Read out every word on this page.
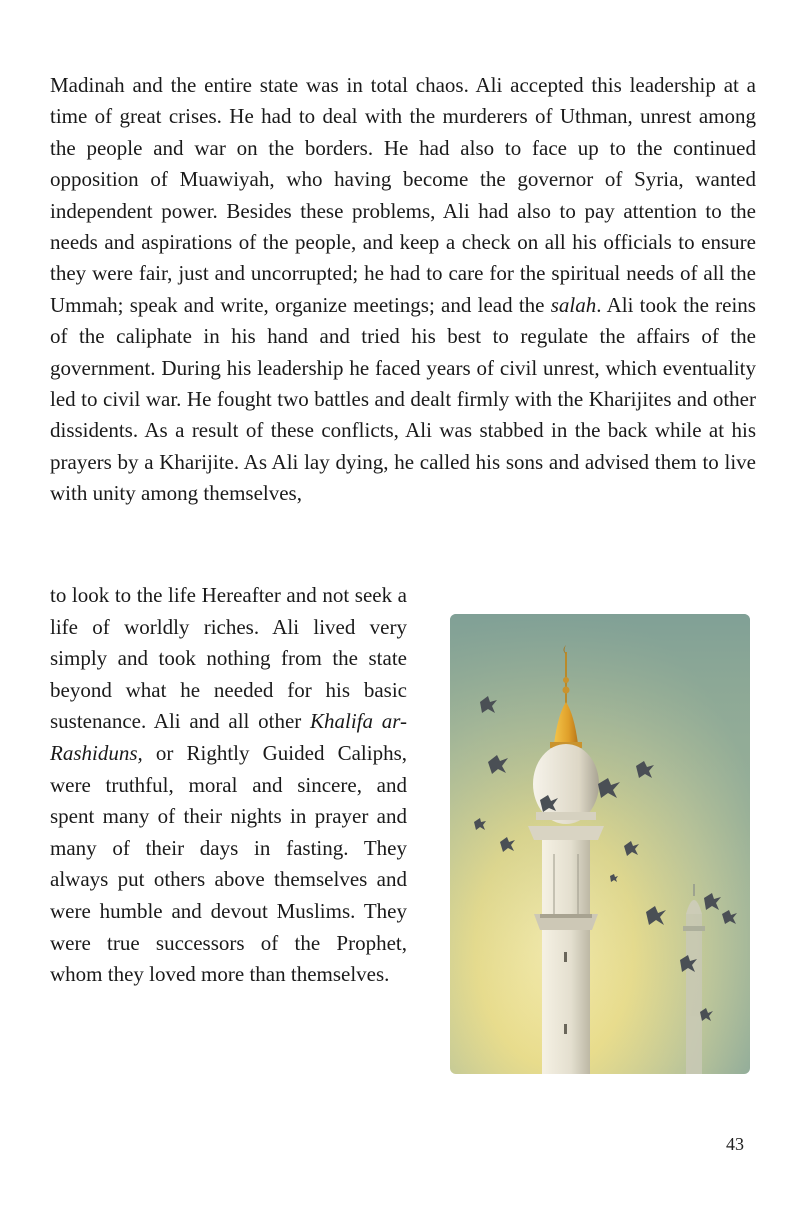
Madinah and the entire state was in total chaos. Ali accepted this leadership at a time of great crises. He had to deal with the murderers of Uthman, unrest among the people and war on the borders. He had also to face up to the continued opposition of Muawiyah, who having become the governor of Syria, wanted independent power. Besides these problems, Ali had also to pay attention to the needs and aspirations of the people, and keep a check on all his officials to ensure they were fair, just and uncorrupted; he had to care for the spiritual needs of all the Ummah; speak and write, organize meetings; and lead the salah. Ali took the reins of the caliphate in his hand and tried his best to regulate the affairs of the government. During his leadership he faced years of civil unrest, which eventuality led to civil war. He fought two battles and dealt firmly with the Kharijites and other dissidents. As a result of these conflicts, Ali was stabbed in the back while at his prayers by a Kharijite. As Ali lay dying, he called his sons and advised them to live with unity among themselves,

to look to the life Hereafter and not seek a life of worldly riches. Ali lived very simply and took nothing from the state beyond what he needed for his basic sustenance. Ali and all other Khalifa ar-Rashiduns, or Rightly Guided Caliphs, were truthful, moral and sincere, and spent many of their nights in prayer and many of their days in fasting. They always put others above themselves and were humble and devout Muslims. They were true successors of the Prophet, whom they loved more than themselves.

43
